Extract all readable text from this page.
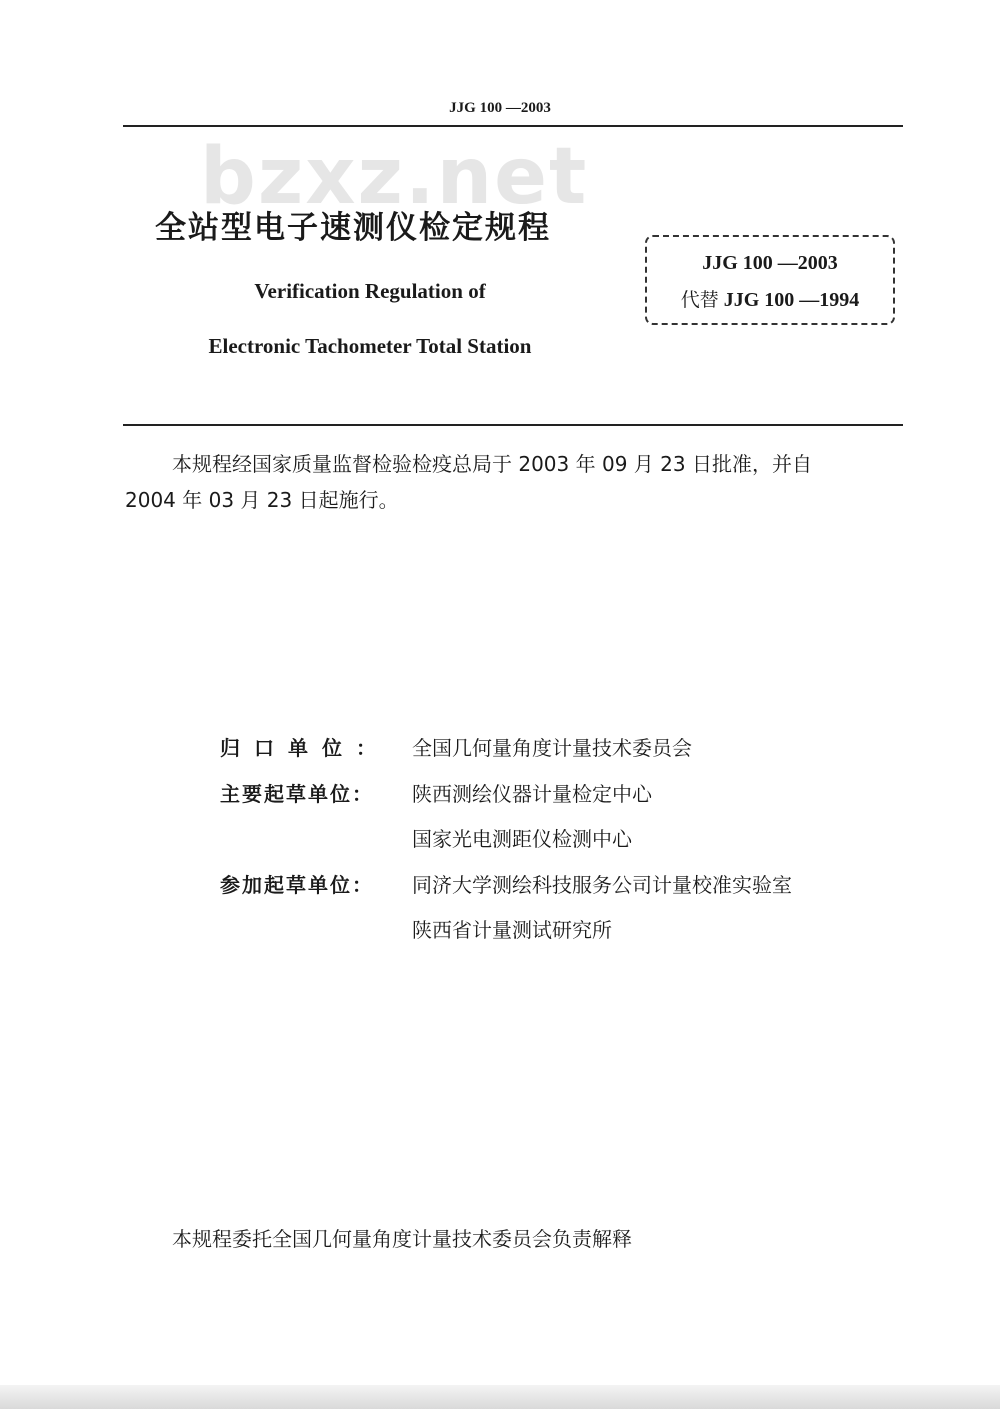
JJG 100 —2003
bzxz.net
全站型电子速测仪检定规程
Verification Regulation of
Electronic Tachometer Total Station
JJG 100 —2003
代替 JJG 100 —1994
本规程经国家质量监督检验检疫总局于 2003 年 09 月 23 日批准，并自
2004 年 03 月 23 日起施行。
归口单位： 全国几何量角度计量技术委员会
主要起草单位： 陕西测绘仪器计量检定中心
国家光电测距仪检测中心
参加起草单位： 同济大学测绘科技服务公司计量校准实验室
陕西省计量测试研究所
本规程委托全国几何量角度计量技术委员会负责解释
